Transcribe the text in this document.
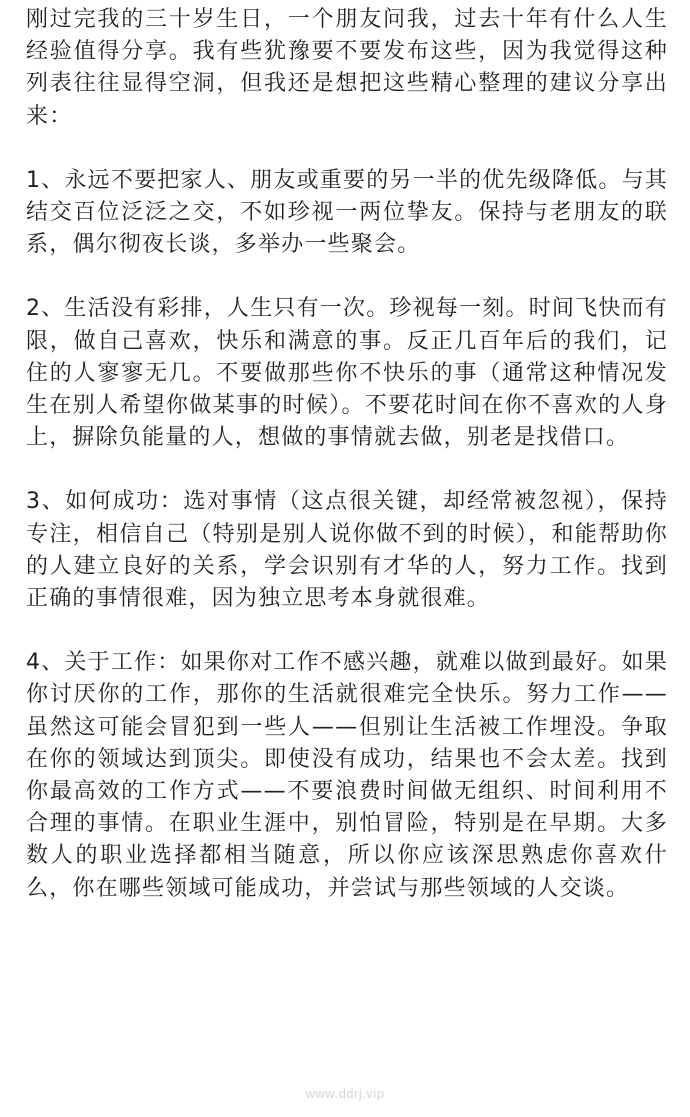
刚过完我的三十岁生日，一个朋友问我，过去十年有什么人生经验值得分享。我有些犹豫要不要发布这些，因为我觉得这种列表往往显得空洞，但我还是想把这些精心整理的建议分享出来：

1、永远不要把家人、朋友或重要的另一半的优先级降低。与其结交百位泛泛之交，不如珍视一两位挚友。保持与老朋友的联系，偶尔彻夜长谈，多举办一些聚会。

2、生活没有彩排，人生只有一次。珍视每一刻。时间飞快而有限，做自己喜欢，快乐和满意的事。反正几百年后的我们，记住的人寥寥无几。不要做那些你不快乐的事（通常这种情况发生在别人希望你做某事的时候）。不要花时间在你不喜欢的人身上，摒除负能量的人，想做的事情就去做，别老是找借口。

3、如何成功：选对事情（这点很关键，却经常被忽视），保持专注，相信自己（特别是别人说你做不到的时候），和能帮助你的人建立良好的关系，学会识别有才华的人，努力工作。找到正确的事情很难，因为独立思考本身就很难。

4、关于工作：如果你对工作不感兴趣，就难以做到最好。如果你讨厌你的工作，那你的生活就很难完全快乐。努力工作——虽然这可能会冒犯到一些人——但别让生活被工作埋没。争取在你的领域达到顶尖。即使没有成功，结果也不会太差。找到你最高效的工作方式——不要浪费时间做无组织、时间利用不合理的事情。在职业生涯中，别怕冒险，特别是在早期。大多数人的职业选择都相当随意，所以你应该深思熟虑你喜欢什么，你在哪些领域可能成功，并尝试与那些领域的人交谈。

www.ddrj.vip
